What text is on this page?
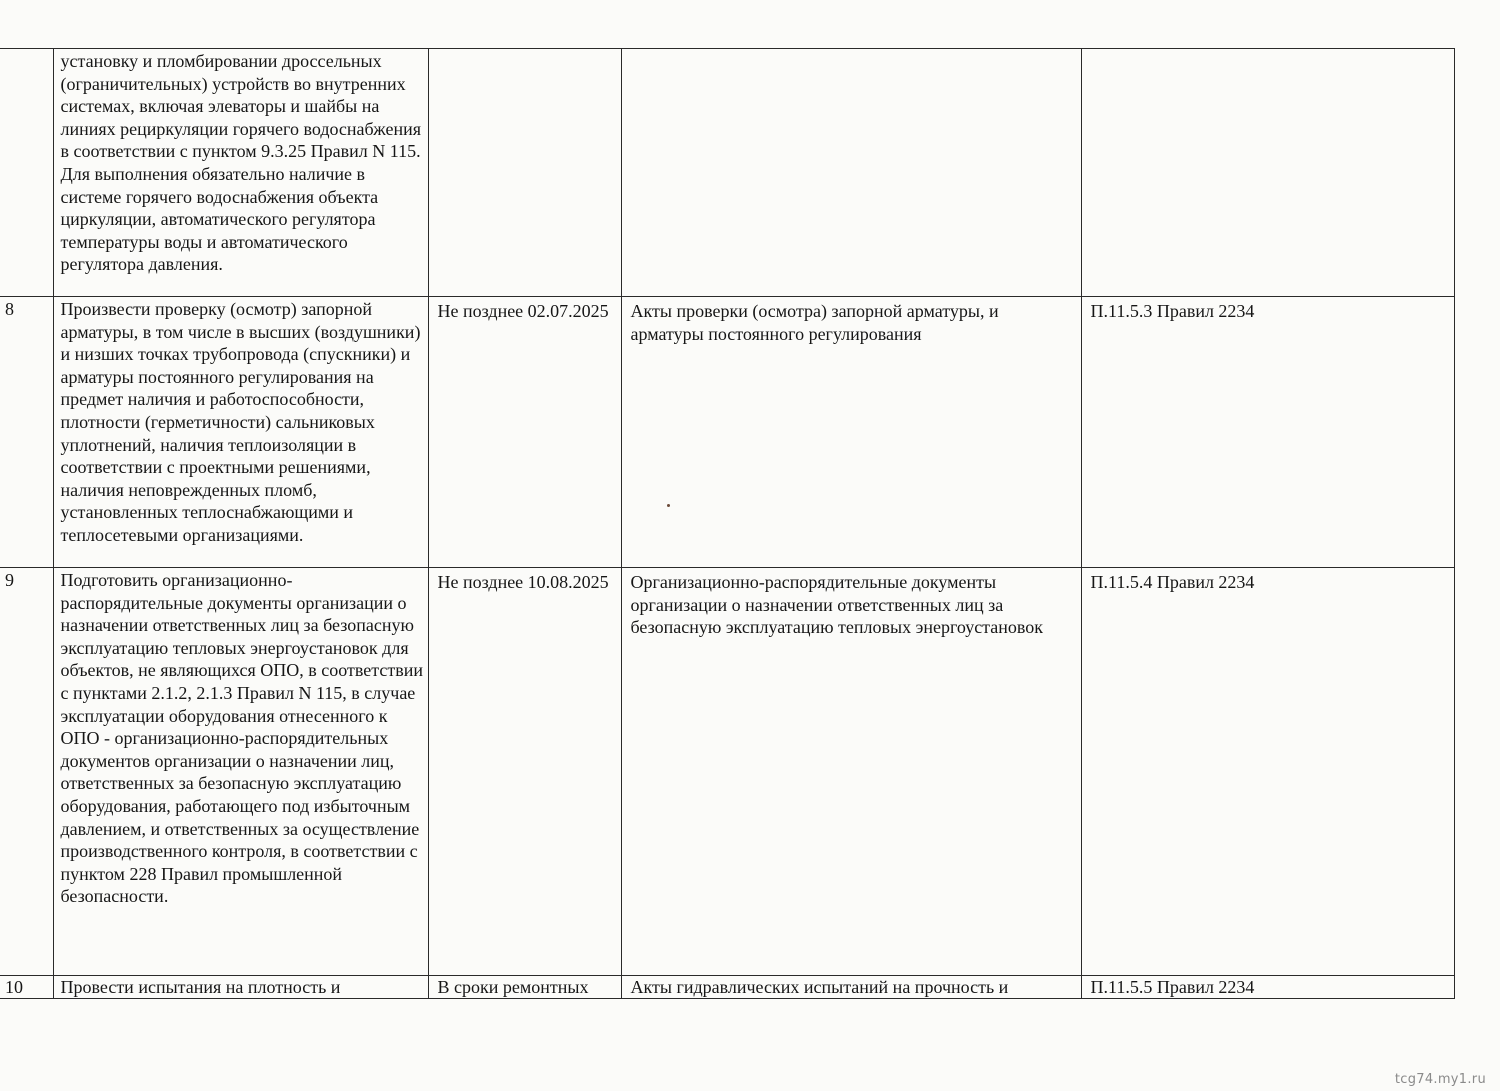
	установку и пломбировании дроссельных (ограничительных) устройств во внутренних системах, включая элеваторы и шайбы на линиях рециркуляции горячего водоснабжения в соответствии с пунктом 9.3.25 Правил N 115. Для выполнения обязательно наличие в системе горячего водоснабжения объекта циркуляции, автоматического регулятора температуры воды и автоматического регулятора давления.			
8	Произвести проверку (осмотр) запорной арматуры, в том числе в высших (воздушники) и низших точках трубопровода (спускники) и арматуры постоянного регулирования на предмет наличия и работоспособности, плотности (герметичности) сальниковых уплотнений, наличия теплоизоляции в соответствии с проектными решениями, наличия неповрежденных пломб, установленных теплоснабжающими и теплосетевыми организациями.	Не позднее 02.07.2025	Акты проверки (осмотра) запорной арматуры, и арматуры постоянного регулирования	П.11.5.3 Правил 2234
9	Подготовить организационно-распорядительные документы организации о назначении ответственных лиц за безопасную эксплуатацию тепловых энергоустановок для объектов, не являющихся ОПО, в соответствии с пунктами 2.1.2, 2.1.3 Правил N 115, в случае эксплуатации оборудования отнесенного к ОПО - организационно-распорядительных документов организации о назначении лиц, ответственных за безопасную эксплуатацию оборудования, работающего под избыточным давлением, и ответственных за осуществление производственного контроля, в соответствии с пунктом 228 Правил промышленной безопасности.	Не позднее 10.08.2025	Организационно-распорядительные документы организации о назначении ответственных лиц за безопасную эксплуатацию тепловых энергоустановок	П.11.5.4 Правил 2234
10	Провести испытания на плотность и	В сроки ремонтных	Акты гидравлических испытаний на прочность и	П.11.5.5 Правил 2234
tcg74.my1.ru
